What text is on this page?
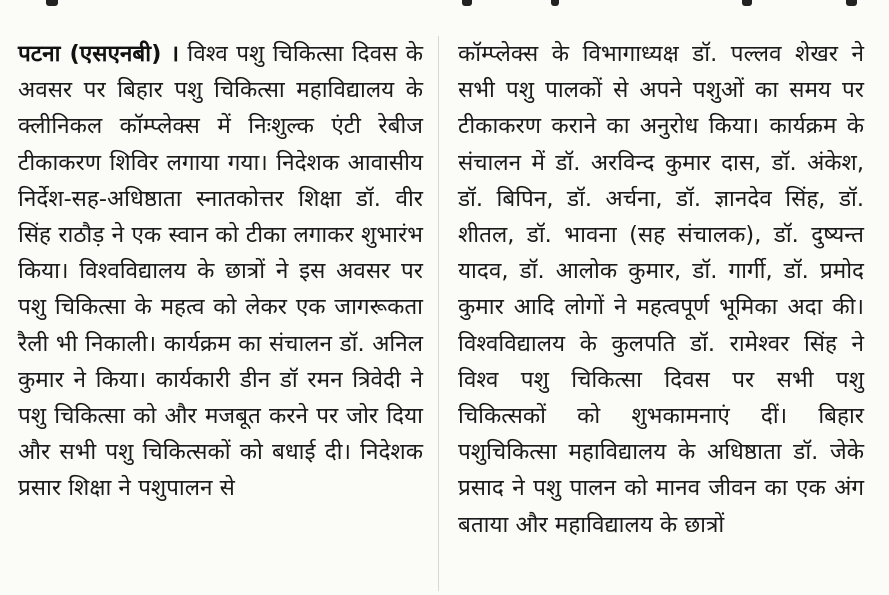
पटना (एसएनबी) । विश्व पशु चिकित्सा दिवस के अवसर पर बिहार पशु चिकित्सा महाविद्यालय के क्लीनिकल कॉम्प्लेक्स में निःशुल्क एंटी रेबीज टीकाकरण शिविर लगाया गया। निदेशक आवासीय निर्देश-सह-अधिष्ठाता स्नातकोत्तर शिक्षा डॉ. वीर सिंह राठौड़ ने एक स्वान को टीका लगाकर शुभारंभ किया। विश्वविद्यालय के छात्रों ने इस अवसर पर पशु चिकित्सा के महत्व को लेकर एक जागरूकता रैली भी निकाली। कार्यक्रम का संचालन डॉ. अनिल कुमार ने किया। कार्यकारी डीन डॉ रमन त्रिवेदी ने पशु चिकित्सा को और मजबूत करने पर जोर दिया और सभी पशु चिकित्सकों को बधाई दी। निदेशक प्रसार शिक्षा ने पशुपालन से

कॉम्प्लेक्स के विभागाध्यक्ष डॉ. पल्लव शेखर ने सभी पशु पालकों से अपने पशुओं का समय पर टीकाकरण कराने का अनुरोध किया। कार्यक्रम के संचालन में डॉ. अरविन्द कुमार दास, डॉ. अंकेश, डॉ. बिपिन, डॉ. अर्चना, डॉ. ज्ञानदेव सिंह, डॉ. शीतल, डॉ. भावना (सह संचालक), डॉ. दुष्यन्त यादव, डॉ. आलोक कुमार, डॉ. गार्गी, डॉ. प्रमोद कुमार आदि लोगों ने महत्वपूर्ण भूमिका अदा की। विश्वविद्यालय के कुलपति डॉ. रामेश्वर सिंह ने विश्व पशु चिकित्सा दिवस पर सभी पशु चिकित्सकों को शुभकामनाएं दीं। बिहार पशुचिकित्सा महाविद्यालय के अधिष्ठाता डॉ. जेके प्रसाद ने पशु पालन को मानव जीवन का एक अंग बताया और महाविद्यालय के छात्रों
